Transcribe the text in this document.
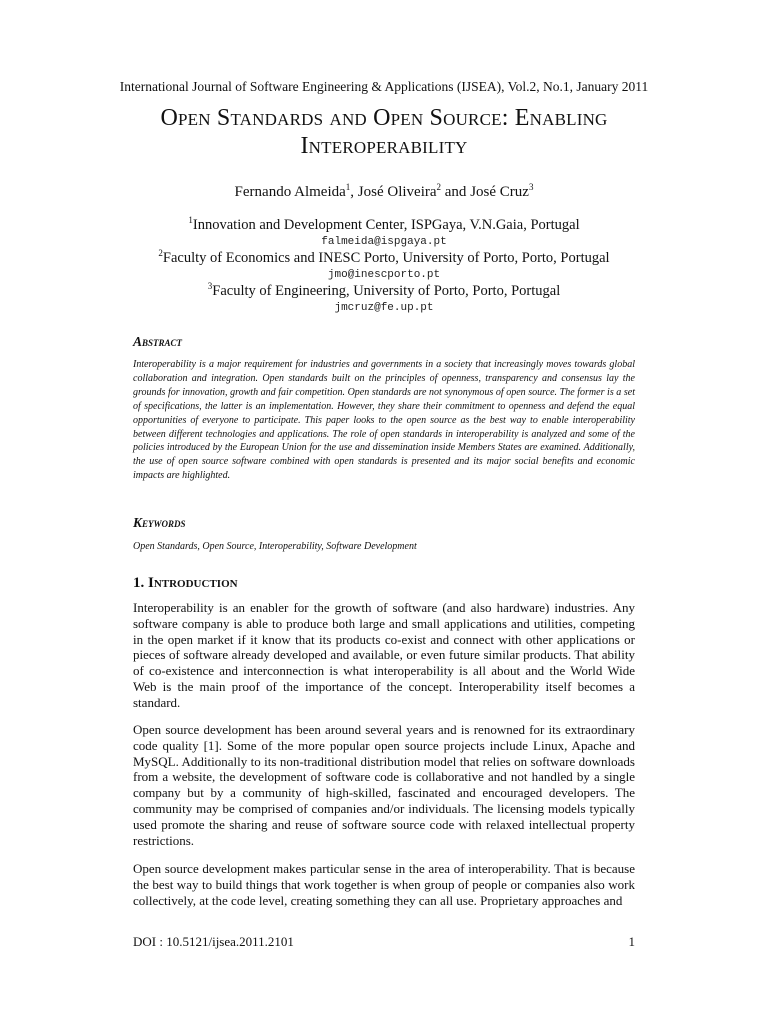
International Journal of Software Engineering & Applications (IJSEA), Vol.2, No.1, January 2011
Open Standards and Open Source: Enabling
Interoperability
Fernando Almeida$^1$, José Oliveira$^2$ and José Cruz$^3$
$^1$Innovation and Development Center, ISPGaya, V.N.Gaia, Portugal
falmeida@ispgaya.pt
$^2$Faculty of Economics and INESC Porto, University of Porto, Porto, Portugal
jmo@inescporto.pt
$^3$Faculty of Engineering, University of Porto, Porto, Portugal
jmcruz@fe.up.pt
Abstract
Interoperability is a major requirement for industries and governments in a society that increasingly moves towards global collaboration and integration. Open standards built on the principles of openness, transparency and consensus lay the grounds for innovation, growth and fair competition. Open standards are not synonymous of open source. The former is a set of specifications, the latter is an implementation. However, they share their commitment to openness and defend the equal opportunities of everyone to participate. This paper looks to the open source as the best way to enable interoperability between different technologies and applications. The role of open standards in interoperability is analyzed and some of the policies introduced by the European Union for the use and dissemination inside Members States are examined. Additionally, the use of open source software combined with open standards is presented and its major social benefits and economic impacts are highlighted.
Keywords
Open Standards, Open Source, Interoperability, Software Development
1. Introduction
Interoperability is an enabler for the growth of software (and also hardware) industries. Any software company is able to produce both large and small applications and utilities, competing in the open market if it know that its products co-exist and connect with other applications or pieces of software already developed and available, or even future similar products. That ability of co-existence and interconnection is what interoperability is all about and the World Wide Web is the main proof of the importance of the concept. Interoperability itself becomes a standard.
Open source development has been around several years and is renowned for its extraordinary code quality [1]. Some of the more popular open source projects include Linux, Apache and MySQL. Additionally to its non-traditional distribution model that relies on software downloads from a website, the development of software code is collaborative and not handled by a single company but by a community of high-skilled, fascinated and encouraged developers. The community may be comprised of companies and/or individuals. The licensing models typically used promote the sharing and reuse of software source code with relaxed intellectual property restrictions.
Open source development makes particular sense in the area of interoperability. That is because the best way to build things that work together is when group of people or companies also work collectively, at the code level, creating something they can all use. Proprietary approaches and
DOI : 10.5121/ijsea.2011.2101	1
